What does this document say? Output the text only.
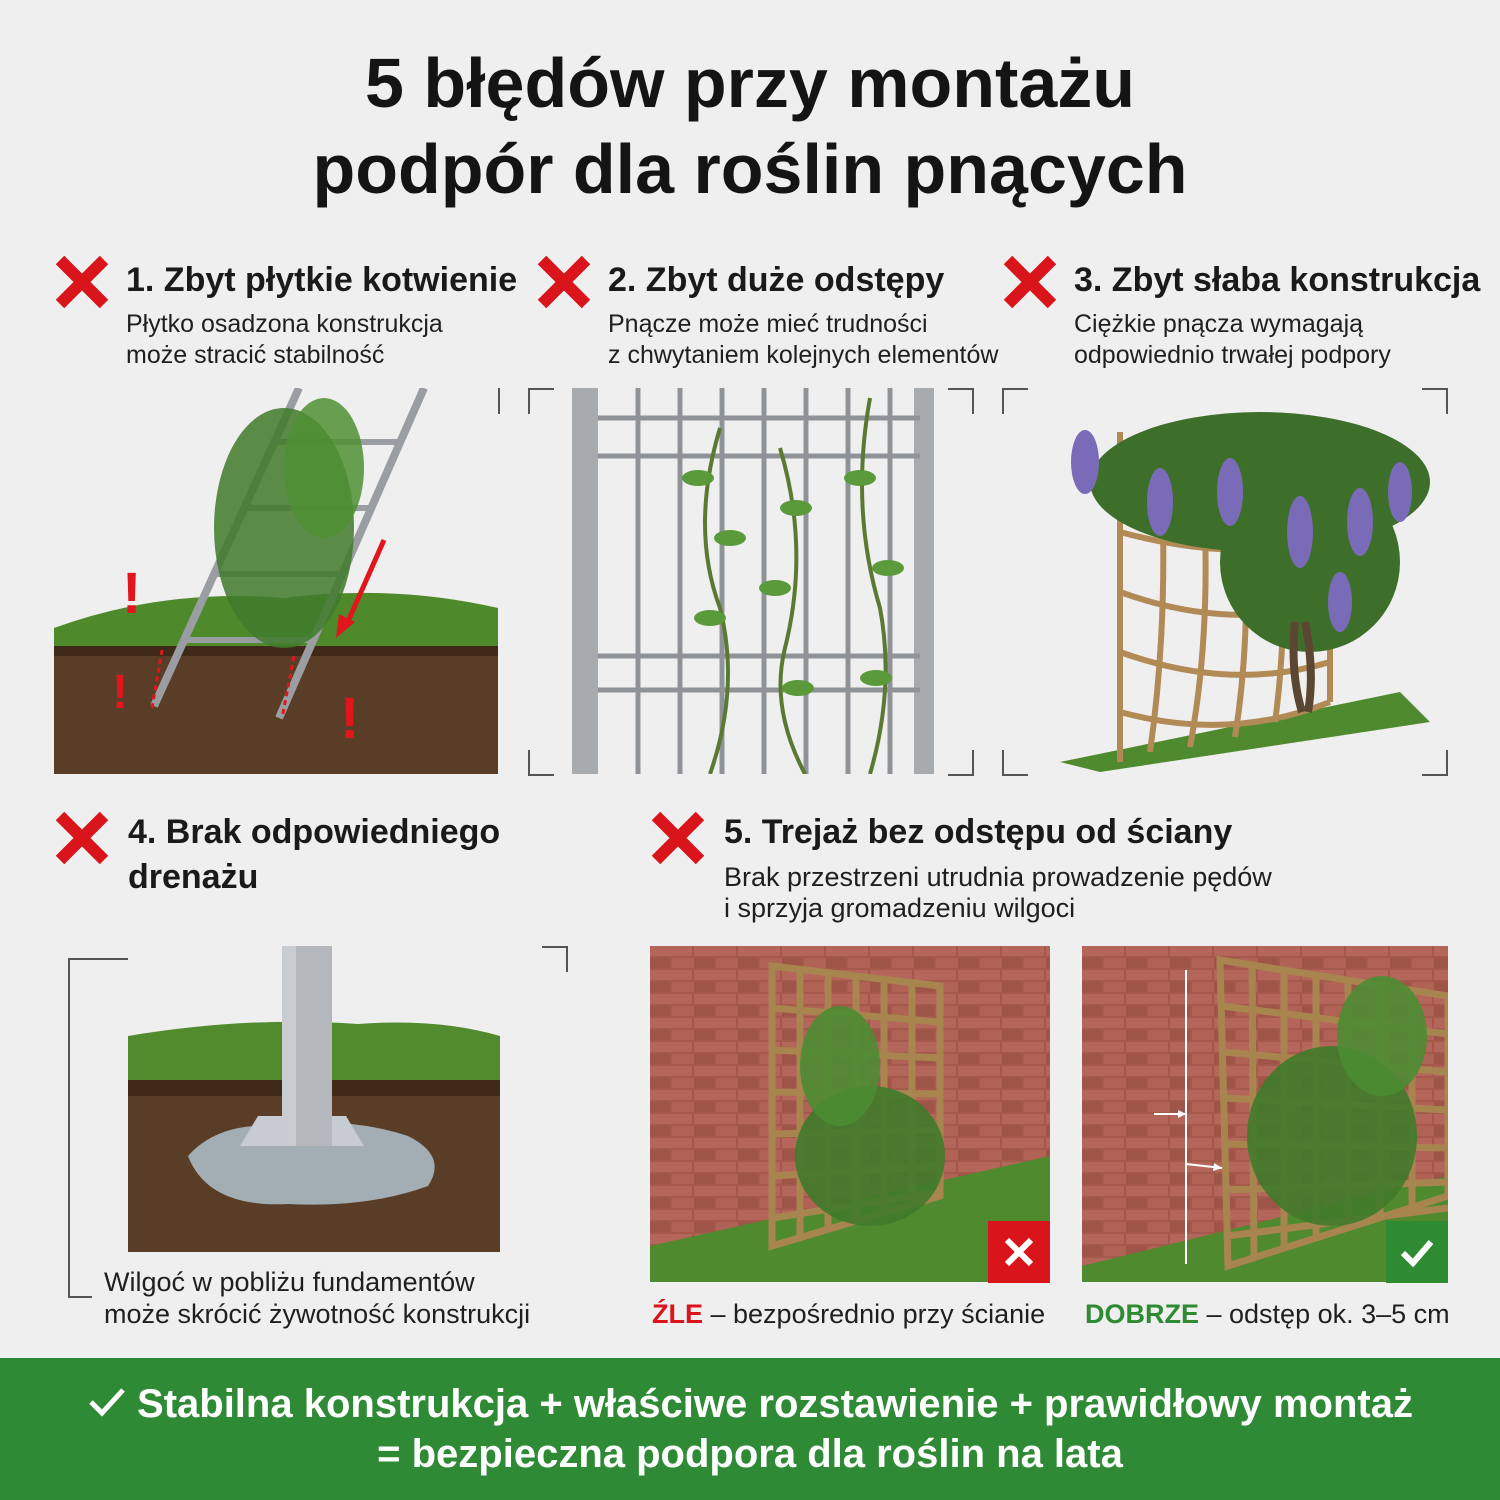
5 błędów przy montażu
podpór dla roślin pnących
1. Zbyt płytkie kotwienie
Płytko osadzona konstrukcja
może stracić stabilność
!
!	!
2. Zbyt duże odstępy
Pnącze może mieć trudności
z chwytaniem kolejnych elementów
3. Zbyt słaba konstrukcja
Ciężkie pnącza wymagają
odpowiednio trwałej podpory
4. Brak odpowiedniego
drenażu
Wilgoć w pobliżu fundamentów
może skrócić żywotność konstrukcji
5. Trejaż bez odstępu od ściany
Brak przestrzeni utrudnia prowadzenie pędów
i sprzyja gromadzeniu wilgoci
ŹLE – bezpośrednio przy ścianie DOBRZE – odstęp ok. 3–5 cm
Stabilna konstrukcja + właściwe rozstawienie + prawidłowy montaż
= bezpieczna podpora dla roślin na lata
